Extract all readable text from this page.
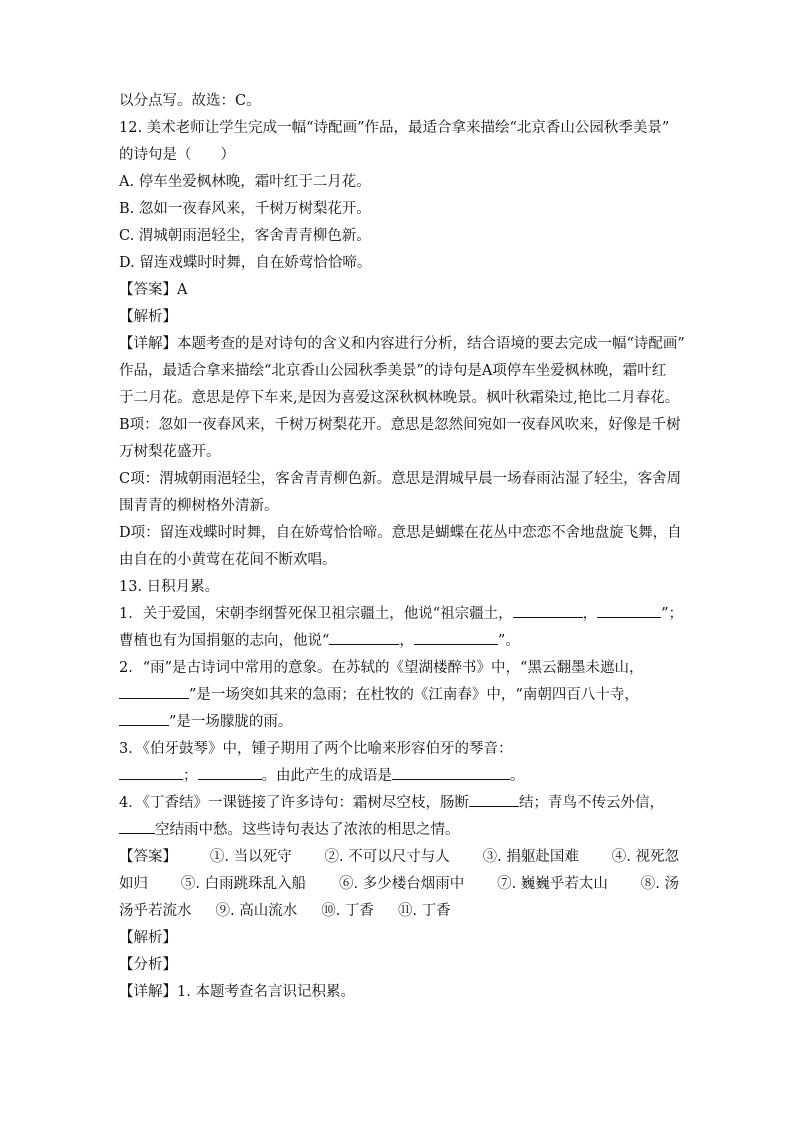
以分点写。故选：C。
12. 美术老师让学生完成一幅“诗配画”作品，最适合拿来描绘“北京香山公园秋季美景”
的诗句是（　　）
A. 停车坐爱枫林晚，霜叶红于二月花。
B. 忽如一夜春风来，千树万树梨花开。
C. 渭城朝雨浥轻尘，客舍青青柳色新。
D. 留连戏蝶时时舞，自在娇莺恰恰啼。
【答案】A
【解析】
【详解】本题考查的是对诗句的含义和内容进行分析，结合语境的要去完成一幅“诗配画”
作品，最适合拿来描绘“北京香山公园秋季美景”的诗句是A项停车坐爱枫林晚，霜叶红
于二月花。意思是停下车来,是因为喜爱这深秋枫林晚景。枫叶秋霜染过,艳比二月春花。
B项：忽如一夜春风来，千树万树梨花开。意思是忽然间宛如一夜春风吹来，好像是千树
万树梨花盛开。
C项：渭城朝雨浥轻尘，客舍青青柳色新。意思是渭城早晨一场春雨沾湿了轻尘，客舍周
围青青的柳树格外清新。
D项：留连戏蝶时时舞，自在娇莺恰恰啼。意思是蝴蝶在花丛中恋恋不舍地盘旋飞舞，自
由自在的小黄莺在花间不断欢唱。
13. 日积月累。
1．关于爱国，宋朝李纲誓死保卫祖宗疆土，他说“祖宗疆土，	，	”；
曹植也有为国捐躯的志向，他说“	，	”。
2．“雨”是古诗词中常用的意象。在苏轼的《望湖楼醉书》中，“黑云翻墨未遮山，
”是一场突如其来的急雨；在杜牧的《江南春》中，“南朝四百八十寺，
”是一场朦胧的雨。
3．《伯牙鼓琴》中，锺子期用了两个比喻来形容伯牙的琴音：
；	。由此产生的成语是	。
4．《丁香结》一课链接了许多诗句：霜树尽空枝，肠断	结；青鸟不传云外信，
空结雨中愁。这些诗句表达了浓浓的相思之情。
【答案】 ①. 当以死守 ②. 不可以尺寸与人 ③. 捐躯赴国难 ④. 视死忽
如归 ⑤. 白雨跳珠乱入船 ⑥. 多少楼台烟雨中 ⑦. 巍巍乎若太山 ⑧. 汤
汤乎若流水 ⑨. 高山流水 ⑩. 丁香 ⑪. 丁香
【解析】
【分析】
【详解】1. 本题考查名言识记积累。
